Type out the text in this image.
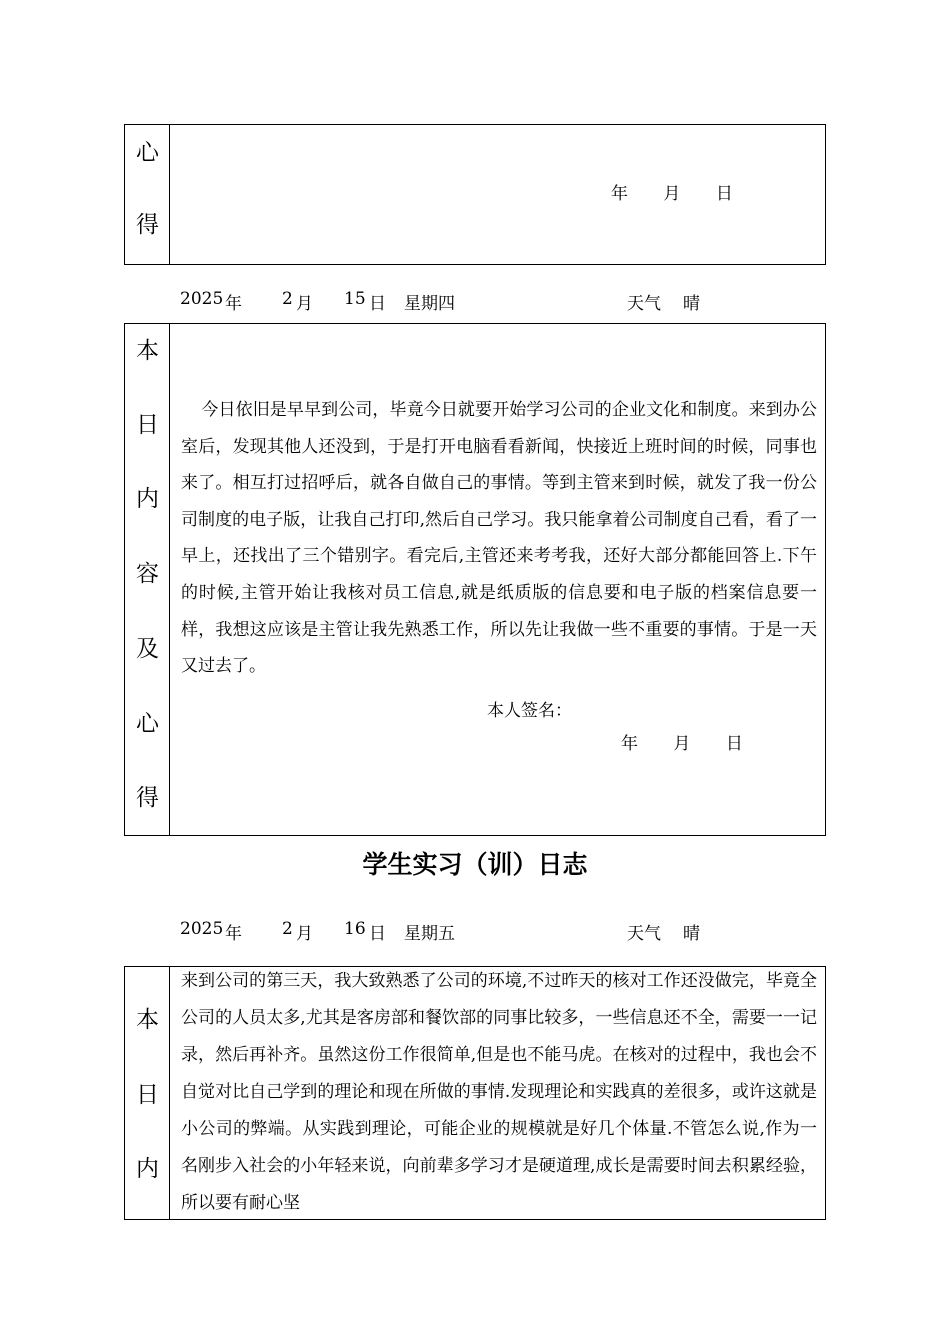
心
得
年 月 日
2025 年 2 月 15 日 星期四	天气 晴
本
日
内
容
及
心
得
今日依旧是早早到公司，毕竟今日就要开始学习公司的企业文化和制度。来到办公室后，发现其他人还没到，于是打开电脑看看新闻，快接近上班时间的时候，同事也来了。相互打过招呼后，就各自做自己的事情。等到主管来到时候，就发了我一份公司制度的电子版，让我自己打印,然后自己学习。我只能拿着公司制度自己看，看了一早上，还找出了三个错别字。看完后,主管还来考考我，还好大部分都能回答上.下午的时候,主管开始让我核对员工信息,就是纸质版的信息要和电子版的档案信息要一样，我想这应该是主管让我先熟悉工作，所以先让我做一些不重要的事情。于是一天又过去了。
本人签名：
年 月 日
学生实习（训）日志
2025 年 2 月 16 日 星期五	天气 晴
本
日
内
来到公司的第三天，我大致熟悉了公司的环境,不过昨天的核对工作还没做完，毕竟全公司的人员太多,尤其是客房部和餐饮部的同事比较多，一些信息还不全，需要一一记录，然后再补齐。虽然这份工作很简单,但是也不能马虎。在核对的过程中，我也会不自觉对比自己学到的理论和现在所做的事情.发现理论和实践真的差很多，或许这就是小公司的弊端。从实践到理论，可能企业的规模就是好几个体量.不管怎么说,作为一名刚步入社会的小年轻来说，向前辈多学习才是硬道理,成长是需要时间去积累经验，所以要有耐心坚
